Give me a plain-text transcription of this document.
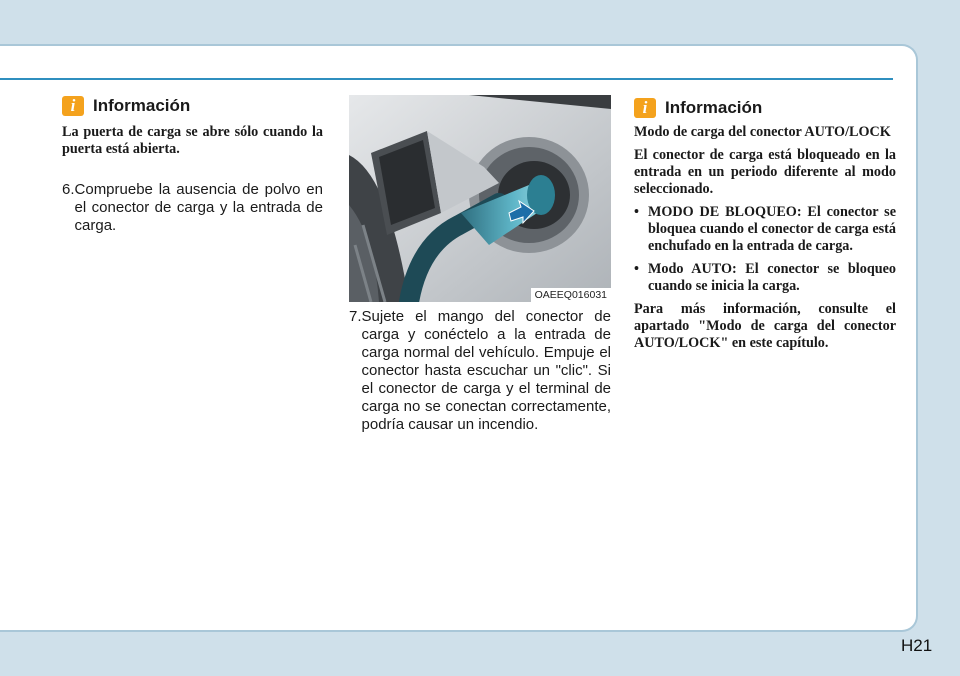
i	Información
La puerta de carga se abre sólo cuando la puerta está abierta.
6. Compruebe la ausencia de polvo en el conector de carga y la entrada de carga.
OAEEQ016031
7. Sujete el mango del conector de carga y conéctelo a la entrada de carga normal del vehículo. Empuje el conector hasta escuchar un "clic". Si el conector de carga y el terminal de carga no se conectan correctamente, podría causar un incendio.
i	Información
Modo de carga del conector AUTO/LOCK
El conector de carga está bloqueado en la entrada en un periodo diferente al modo seleccionado.
• MODO DE BLOQUEO: El conector se bloquea cuando el conector de carga está enchufado en la entrada de carga.
• Modo AUTO: El conector se bloqueo cuando se inicia la carga.
Para más información, consulte el apartado "Modo de carga del conector AUTO/LOCK" en este capítulo.
H21
